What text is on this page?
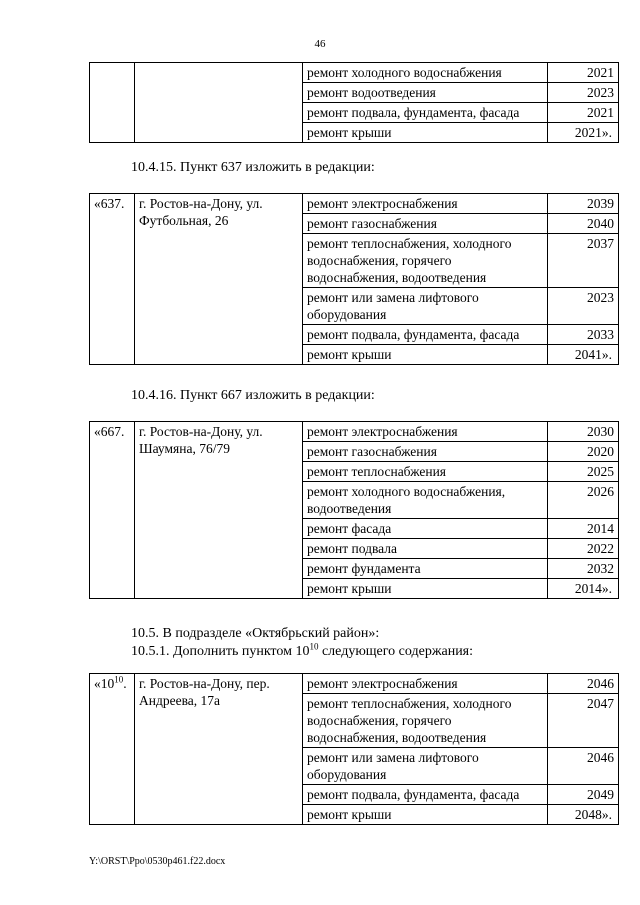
46
		ремонт холодного водоснабжения	2021
		ремонт водоотведения	2023
		ремонт подвала, фундамента, фасада	2021
		ремонт крыши	2021».
10.4.15. Пункт 637 изложить в редакции:
«637.	г. Ростов-на-Дону, ул. Футбольная, 26	ремонт электроснабжения	2039
		ремонт газоснабжения	2040
		ремонт теплоснабжения, холодного водоснабжения, горячего водоснабжения, водоотведения	2037
		ремонт или замена лифтового оборудования	2023
		ремонт подвала, фундамента, фасада	2033
		ремонт крыши	2041».
10.4.16. Пункт 667 изложить в редакции:
«667.	г. Ростов-на-Дону, ул. Шаумяна, 76/79	ремонт электроснабжения	2030
		ремонт газоснабжения	2020
		ремонт теплоснабжения	2025
		ремонт холодного водоснабжения, водоотведения	2026
		ремонт фасада	2014
		ремонт подвала	2022
		ремонт фундамента	2032
		ремонт крыши	2014».
10.5. В подразделе «Октябрьский район»:
10.5.1. Дополнить пунктом $10^{10}$ следующего содержания:
«$10^{10}$.	г. Ростов-на-Дону, пер. Андреева, 17а	ремонт электроснабжения	2046
		ремонт теплоснабжения, холодного водоснабжения, горячего водоснабжения, водоотведения	2047
		ремонт или замена лифтового оборудования	2046
		ремонт подвала, фундамента, фасада	2049
		ремонт крыши	2048».
Y:\ORST\Ppo\0530p461.f22.docx
